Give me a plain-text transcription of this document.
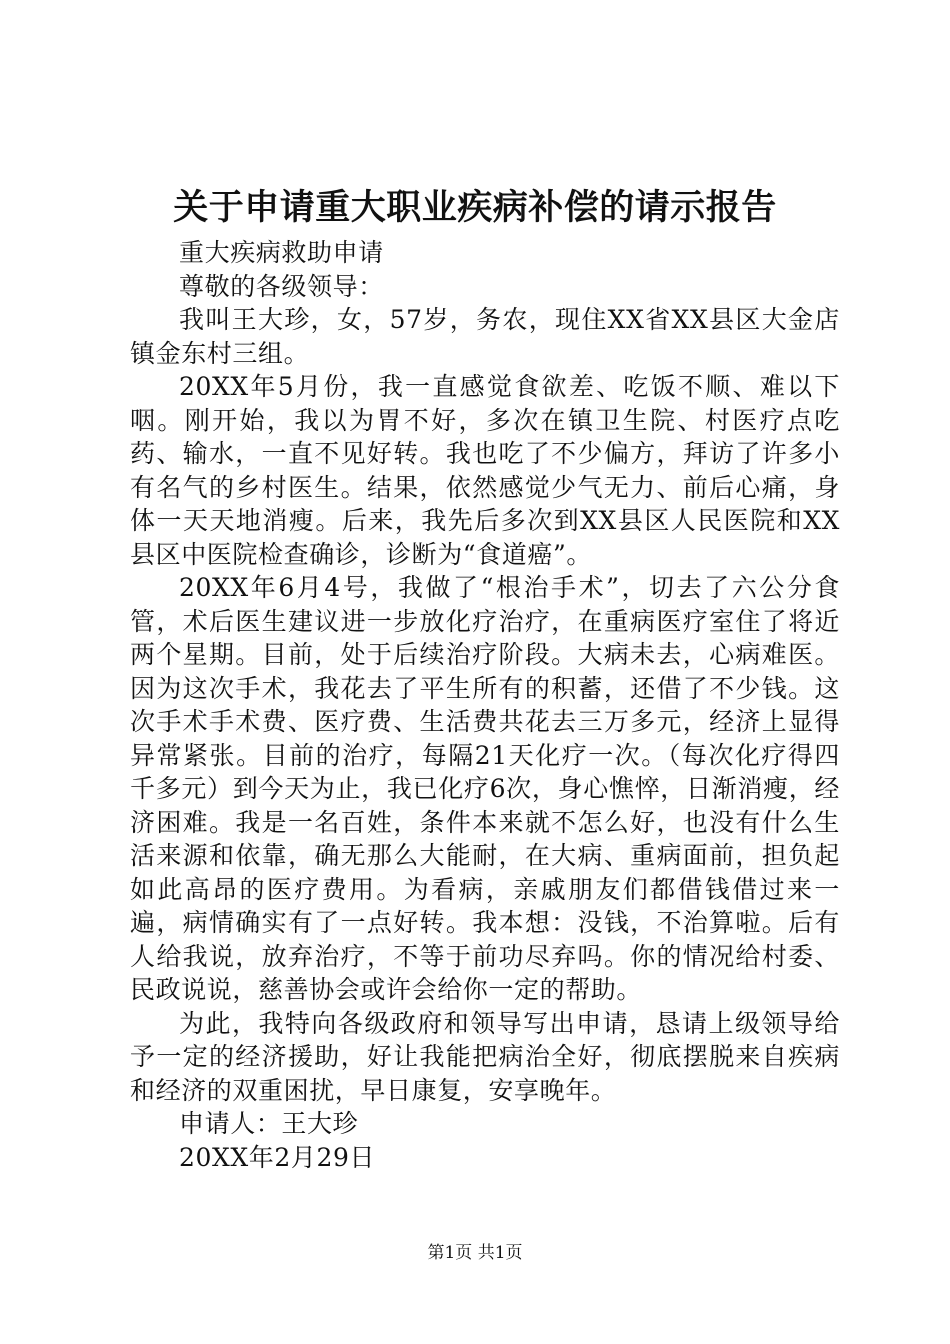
关于申请重大职业疾病补偿的请示报告
重大疾病救助申请
尊敬的各级领导：

我叫王大珍，女，57岁，务农，现住XX省XX县区大金店镇金东村三组。

20XX年5月份，我一直感觉食欲差、吃饭不顺、难以下咽。刚开始，我以为胃不好，多次在镇卫生院、村医疗点吃药、输水，一直不见好转。我也吃了不少偏方，拜访了许多小有名气的乡村医生。结果，依然感觉少气无力、前后心痛，身体一天天地消瘦。后来，我先后多次到XX县区人民医院和XX县区中医院检查确诊，诊断为“食道癌”。

20XX年6月4号，我做了“根治手术”，切去了六公分食管，术后医生建议进一步放化疗治疗，在重病医疗室住了将近两个星期。目前，处于后续治疗阶段。大病未去，心病难医。因为这次手术，我花去了平生所有的积蓄，还借了不少钱。这次手术手术费、医疗费、生活费共花去三万多元，经济上显得异常紧张。目前的治疗，每隔21天化疗一次。（每次化疗得四千多元）到今天为止，我已化疗6次，身心憔悴，日渐消瘦，经济困难。我是一名百姓，条件本来就不怎么好，也没有什么生活来源和依靠，确无那么大能耐，在大病、重病面前，担负起如此高昂的医疗费用。为看病，亲戚朋友们都借钱借过来一遍，病情确实有了一点好转。我本想：没钱，不治算啦。后有人给我说，放弃治疗，不等于前功尽弃吗。你的情况给村委、民政说说，慈善协会或许会给你一定的帮助。

为此，我特向各级政府和领导写出申请，恳请上级领导给予一定的经济援助，好让我能把病治全好，彻底摆脱来自疾病和经济的双重困扰，早日康复，安享晚年。

申请人：王大珍
20XX年2月29日
第1页 共1页
